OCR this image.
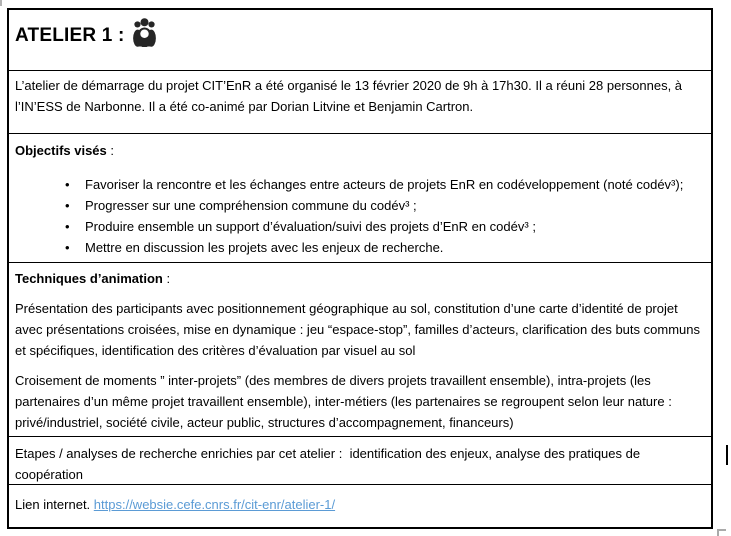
ATELIER 1 :
L’atelier de démarrage du projet CIT’EnR a été organisé le 13 février 2020 de 9h à 17h30. Il a réuni 28 personnes, à l’IN’ESS de Narbonne. Il a été co-animé par Dorian Litvine et Benjamin Cartron.
Objectifs visés :
• Favoriser la rencontre et les échanges entre acteurs de projets EnR en codéveloppement (noté codév³);
• Progresser sur une compréhension commune du codév³ ;
• Produire ensemble un support d’évaluation/suivi des projets d’EnR en codév³ ;
• Mettre en discussion les projets avec les enjeux de recherche.
Techniques d’animation :
Présentation des participants avec positionnement géographique au sol, constitution d’une carte d’identité de projet avec présentations croisées, mise en dynamique : jeu “espace-stop”, familles d’acteurs, clarification des buts communs et spécifiques, identification des critères d’évaluation par visuel au sol
Croisement de moments ” inter-projets” (des membres de divers projets travaillent ensemble), intra-projets (les partenaires d’un même projet travaillent ensemble), inter-métiers (les partenaires se regroupent selon leur nature : privé/industriel, société civile, acteur public, structures d’accompagnement, financeurs)
Etapes / analyses de recherche enrichies par cet atelier :  identification des enjeux, analyse des pratiques de coopération
Lien internet. https://websie.cefe.cnrs.fr/cit-enr/atelier-1/
